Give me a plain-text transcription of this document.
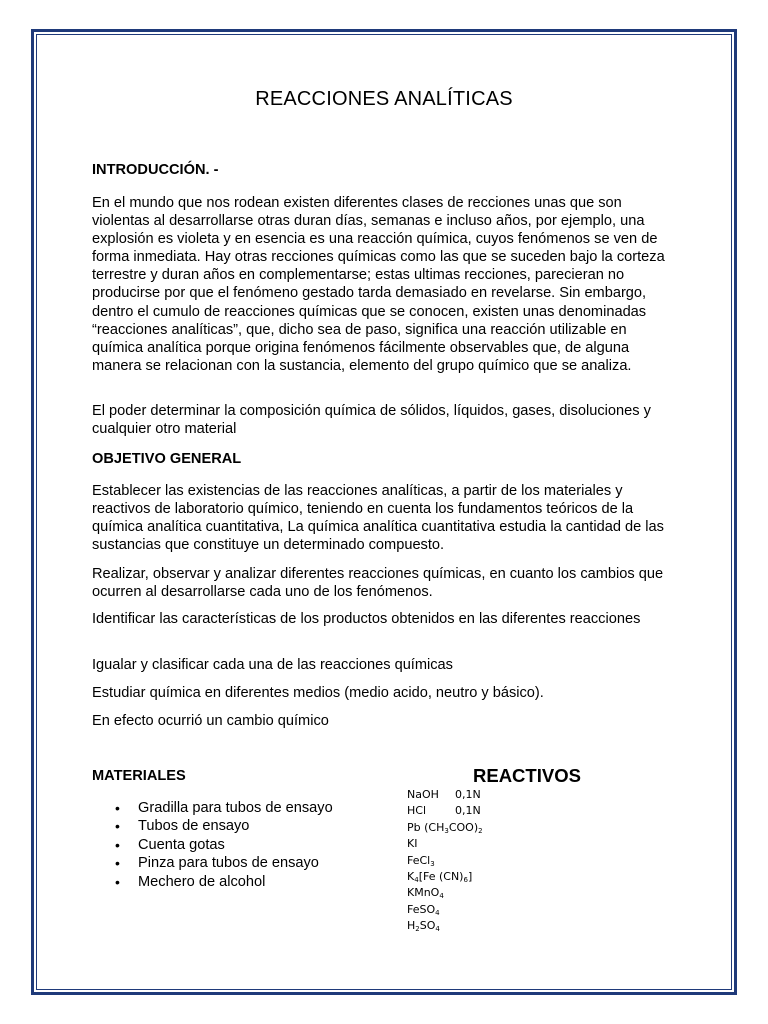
REACCIONES ANALÍTICAS
INTRODUCCIÓN. -

En el mundo que nos rodean existen diferentes clases de recciones unas que son violentas al desarrollarse otras duran días, semanas e incluso años, por ejemplo, una explosión es violeta y en esencia es una reacción química, cuyos fenómenos se ven de forma inmediata. Hay otras recciones químicas como las que se suceden bajo la corteza terrestre y duran años en complementarse; estas ultimas recciones, parecieran no producirse por que el fenómeno gestado tarda demasiado en revelarse. Sin embargo, dentro el cumulo de reacciones químicas que se conocen, existen unas denominadas “reacciones analíticas”, que, dicho sea de paso, significa una reacción utilizable en química analítica porque origina fenómenos fácilmente observables que, de alguna manera se relacionan con la sustancia, elemento del grupo químico que se analiza.

El poder determinar la composición química de sólidos, líquidos, gases, disoluciones y cualquier otro material

OBJETIVO GENERAL

Establecer las existencias de las reacciones analíticas, a partir de los materiales y reactivos de laboratorio químico, teniendo en cuenta los fundamentos teóricos de la química analítica cuantitativa, La química analítica cuantitativa estudia la cantidad de las sustancias que constituye un determinado compuesto.

Realizar, observar y analizar diferentes reacciones químicas, en cuanto los cambios que ocurren al desarrollarse cada uno de los fenómenos.

Identificar las características de los productos obtenidos en las diferentes reacciones

Igualar y clasificar cada una de las reacciones químicas

Estudiar química en diferentes medios (medio acido, neutro y básico).

En efecto ocurrió un cambio químico

MATERIALES
• Gradilla para tubos de ensayo
• Tubos de ensayo
• Cuenta gotas
• Pinza para tubos de ensayo
• Mechero de alcohol
REACTIVOS
NaOH 0,1N
HCl	0,1N
Pb $(CH_3COO)_2$
KI
FeCl$_3$
$K_4[Fe$ $(CN)_6$]
KMnO$_4$
FeSO$_4$
$H_2SO_4$
